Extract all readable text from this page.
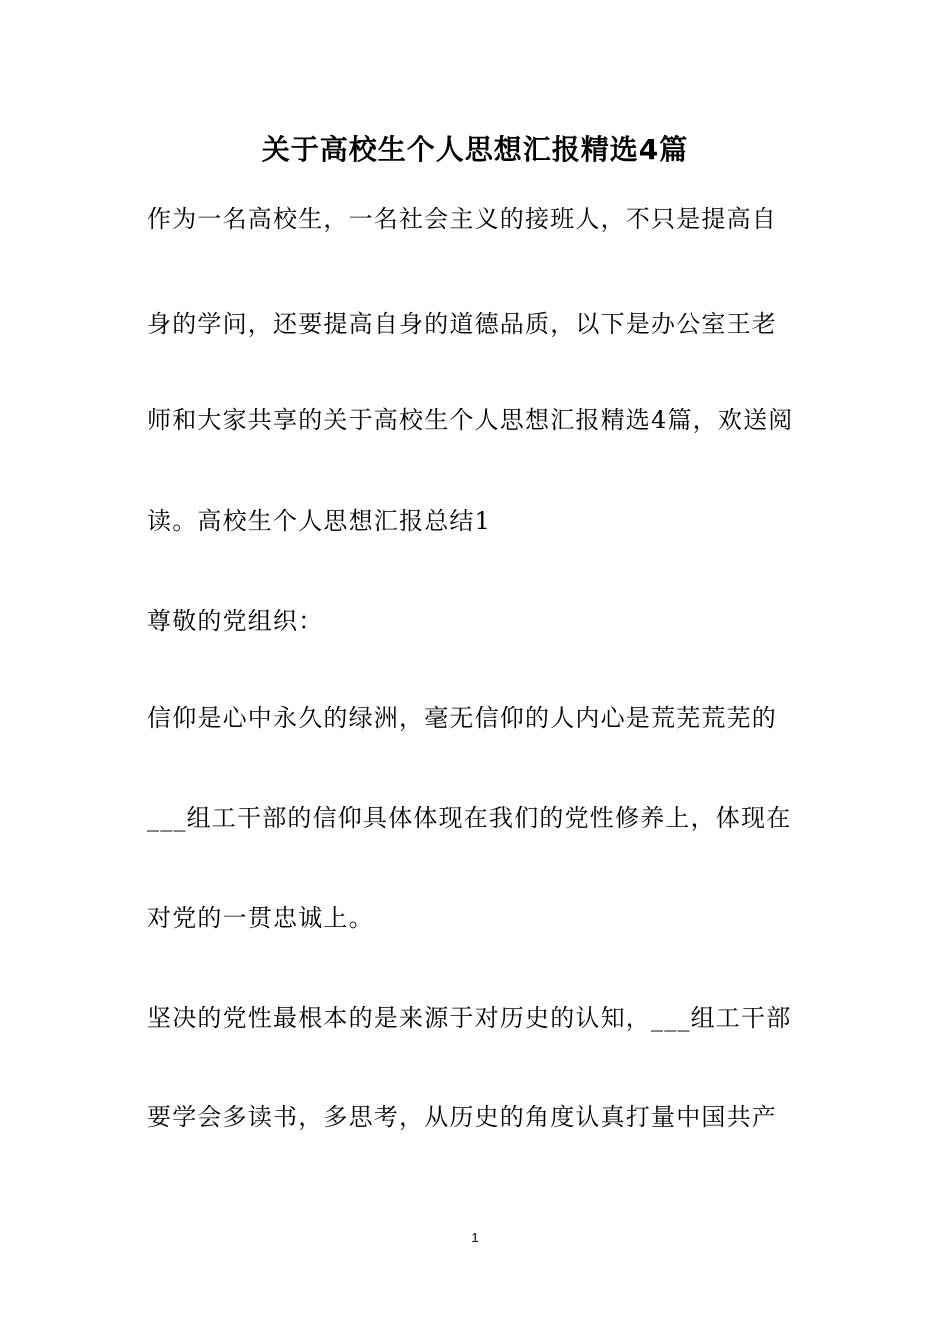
关于高校生个人思想汇报精选4篇
作为一名高校生，一名社会主义的接班人，不只是提高自
身的学问，还要提高自身的道德品质，以下是办公室王老
师和大家共享的关于高校生个人思想汇报精选4篇，欢送阅
读。高校生个人思想汇报总结1
尊敬的党组织：
信仰是心中永久的绿洲，毫无信仰的人内心是荒芜荒芜的
___组工干部的信仰具体体现在我们的党性修养上，体现在
对党的一贯忠诚上。
坚决的党性最根本的是来源于对历史的认知，___组工干部
要学会多读书，多思考，从历史的角度认真打量中国共产
1
